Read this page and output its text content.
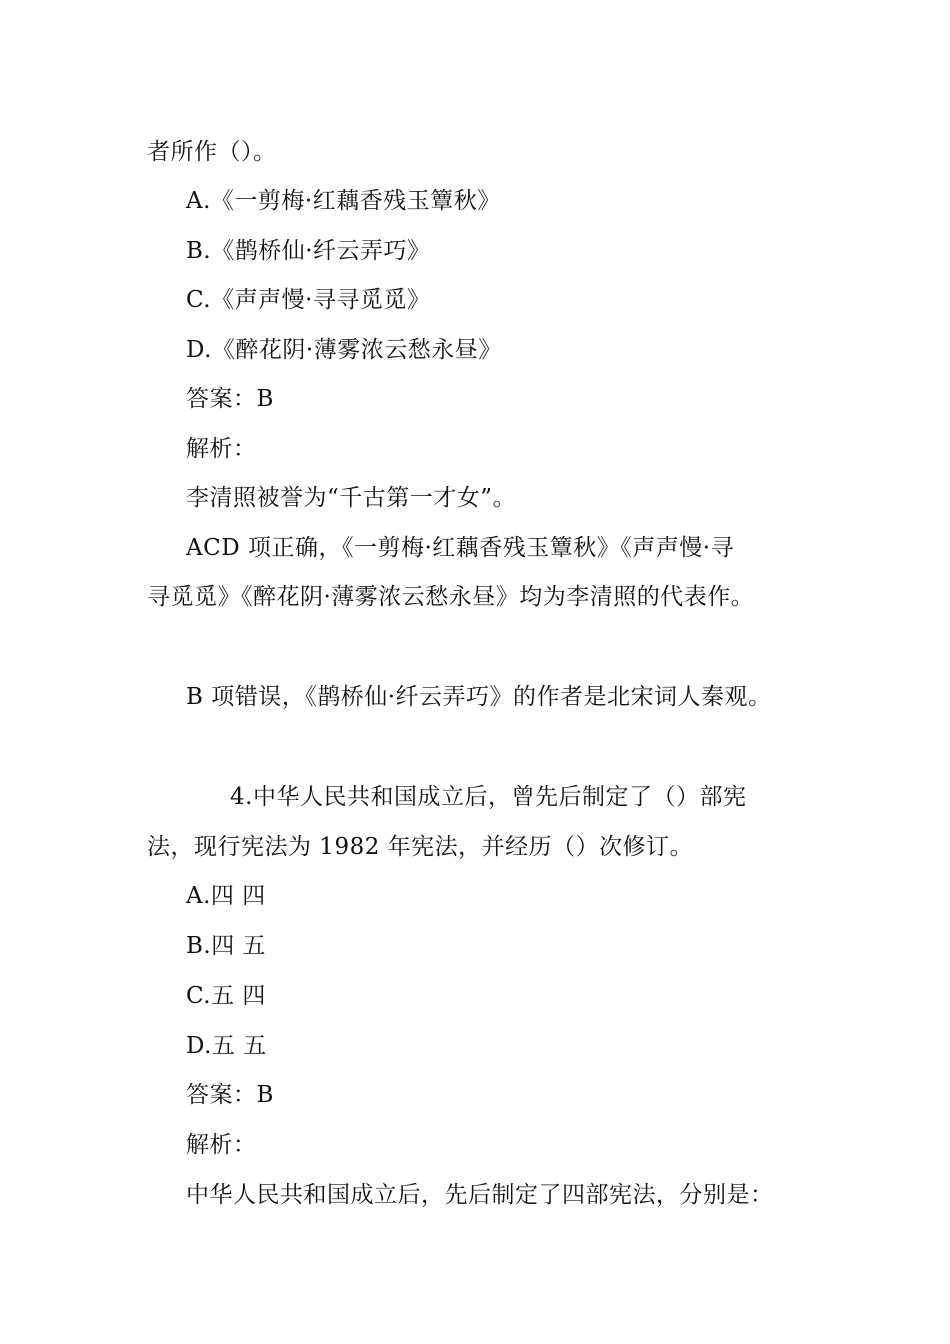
者所作（）。
A.《一剪梅·红藕香残玉簟秋》
B.《鹊桥仙·纤云弄巧》
C.《声声慢·寻寻觅觅》
D.《醉花阴·薄雾浓云愁永昼》
答案：B
解析：
李清照被誉为“千古第一才女”。
ACD 项正确，《一剪梅·红藕香残玉簟秋》《声声慢·寻
寻觅觅》《醉花阴·薄雾浓云愁永昼》均为李清照的代表作。
B 项错误，《鹊桥仙·纤云弄巧》的作者是北宋词人秦观。
4.中华人民共和国成立后，曾先后制定了（）部宪
法，现行宪法为 1982 年宪法，并经历（）次修订。
A.四 四
B.四 五
C.五 四
D.五 五
答案：B
解析：
中华人民共和国成立后，先后制定了四部宪法，分别是：
